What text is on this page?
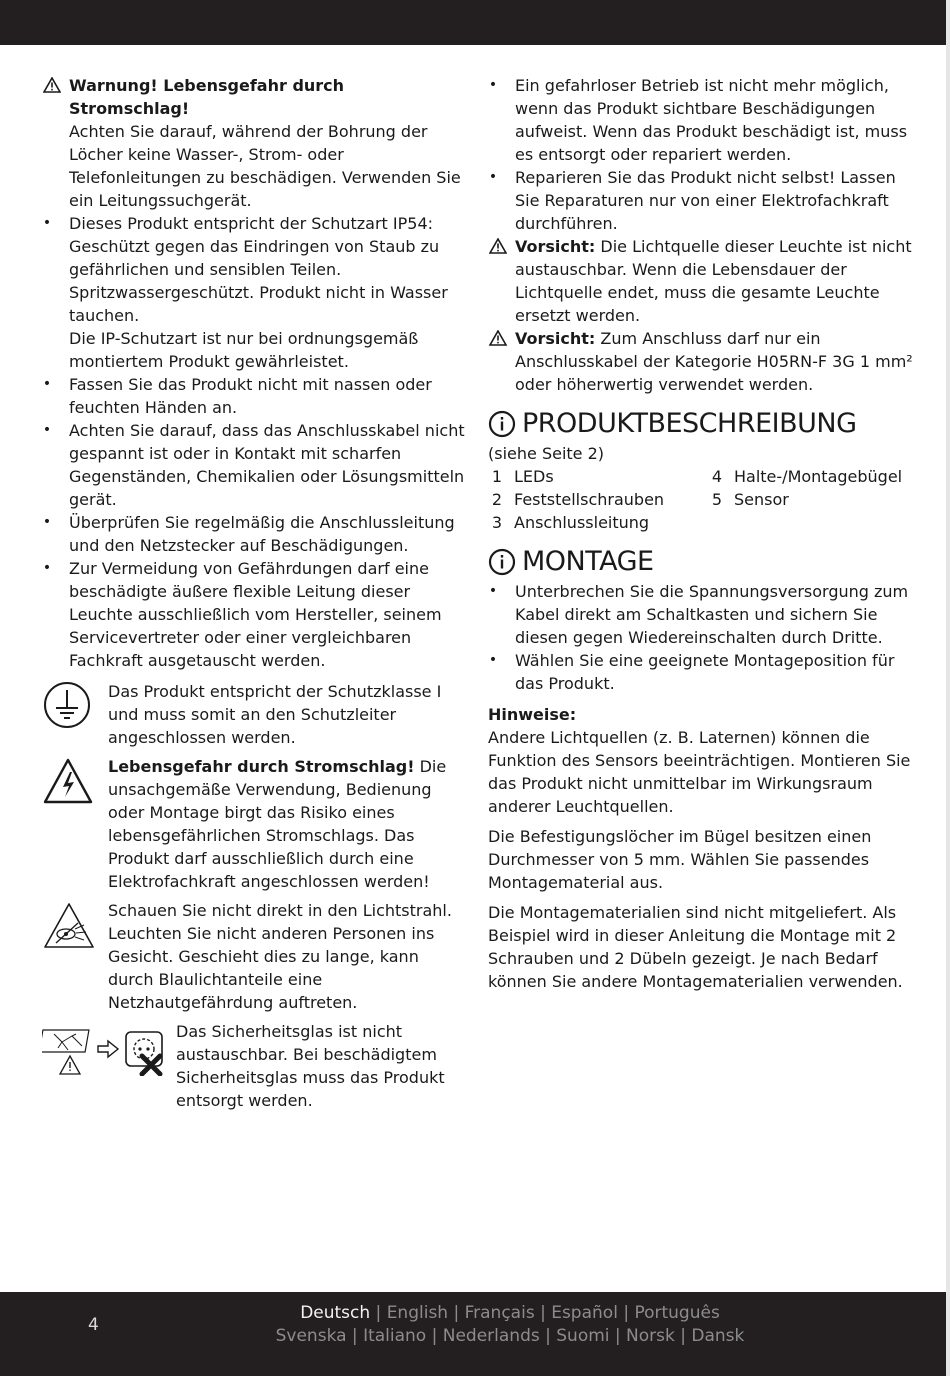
Warnung! Lebensgefahr durch Stromschlag!
Achten Sie darauf, während der Bohrung der Löcher keine Wasser-, Strom- oder Telefonleitungen zu beschädigen. Verwenden Sie ein Leitungssuchgerät.
• Dieses Produkt entspricht der Schutzart IP54: Geschützt gegen das Eindringen von Staub zu gefährlichen und sensiblen Teilen. Spritzwassergeschützt. Produkt nicht in Wasser tauchen.
Die IP-Schutzart ist nur bei ordnungsgemäß montiertem Produkt gewährleistet.
• Fassen Sie das Produkt nicht mit nassen oder feuchten Händen an.
• Achten Sie darauf, dass das Anschlusskabel nicht gespannt ist oder in Kontakt mit scharfen Gegenständen, Chemikalien oder Lösungsmitteln gerät.
• Überprüfen Sie regelmäßig die Anschlussleitung und den Netzstecker auf Beschädigungen.
• Zur Vermeidung von Gefährdungen darf eine beschädigte äußere flexible Leitung dieser Leuchte ausschließlich vom Hersteller, seinem Servicevertreter oder einer vergleichbaren Fachkraft ausgetauscht werden.
Das Produkt entspricht der Schutzklasse I und muss somit an den Schutzleiter angeschlossen werden.
Lebensgefahr durch Stromschlag! Die unsachgemäße Verwendung, Bedienung oder Montage birgt das Risiko eines lebensgefährlichen Stromschlags. Das Produkt darf ausschließlich durch eine Elektrofachkraft angeschlossen werden!
Schauen Sie nicht direkt in den Lichtstrahl. Leuchten Sie nicht anderen Personen ins Gesicht. Geschieht dies zu lange, kann durch Blaulichtanteile eine Netzhautgefährdung auftreten.
Das Sicherheitsglas ist nicht austauschbar. Bei beschädigtem Sicherheitsglas muss das Produkt entsorgt werden.
• Ein gefahrloser Betrieb ist nicht mehr möglich, wenn das Produkt sichtbare Beschädigungen aufweist. Wenn das Produkt beschädigt ist, muss es entsorgt oder repariert werden.
• Reparieren Sie das Produkt nicht selbst! Lassen Sie Reparaturen nur von einer Elektrofachkraft durchführen.
Vorsicht: Die Lichtquelle dieser Leuchte ist nicht austauschbar. Wenn die Lebensdauer der Lichtquelle endet, muss die gesamte Leuchte ersetzt werden.
Vorsicht: Zum Anschluss darf nur ein Anschlusskabel der Kategorie H05RN-F 3G 1 mm² oder höherwertig verwendet werden.
PRODUKTBESCHREIBUNG
(siehe Seite 2)
1 LEDs	4 Halte-/Montagebügel
2 Feststellschrauben	5 Sensor
3 Anschlussleitung
MONTAGE
• Unterbrechen Sie die Spannungsversorgung zum Kabel direkt am Schaltkasten und sichern Sie diesen gegen Wiedereinschalten durch Dritte.
• Wählen Sie eine geeignete Montageposition für das Produkt.
Hinweise:
Andere Lichtquellen (z. B. Laternen) können die Funktion des Sensors beeinträchtigen. Montieren Sie das Produkt nicht unmittelbar im Wirkungsraum anderer Leuchtquellen.
Die Befestigungslöcher im Bügel besitzen einen Durchmesser von 5 mm. Wählen Sie passendes Montagematerial aus.
Die Montagematerialien sind nicht mitgeliefert. Als Beispiel wird in dieser Anleitung die Montage mit 2 Schrauben und 2 Dübeln gezeigt. Je nach Bedarf können Sie andere Montagematerialien verwenden.
4
Deutsch | English | Français | Español | Português
Svenska | Italiano | Nederlands | Suomi | Norsk | Dansk
